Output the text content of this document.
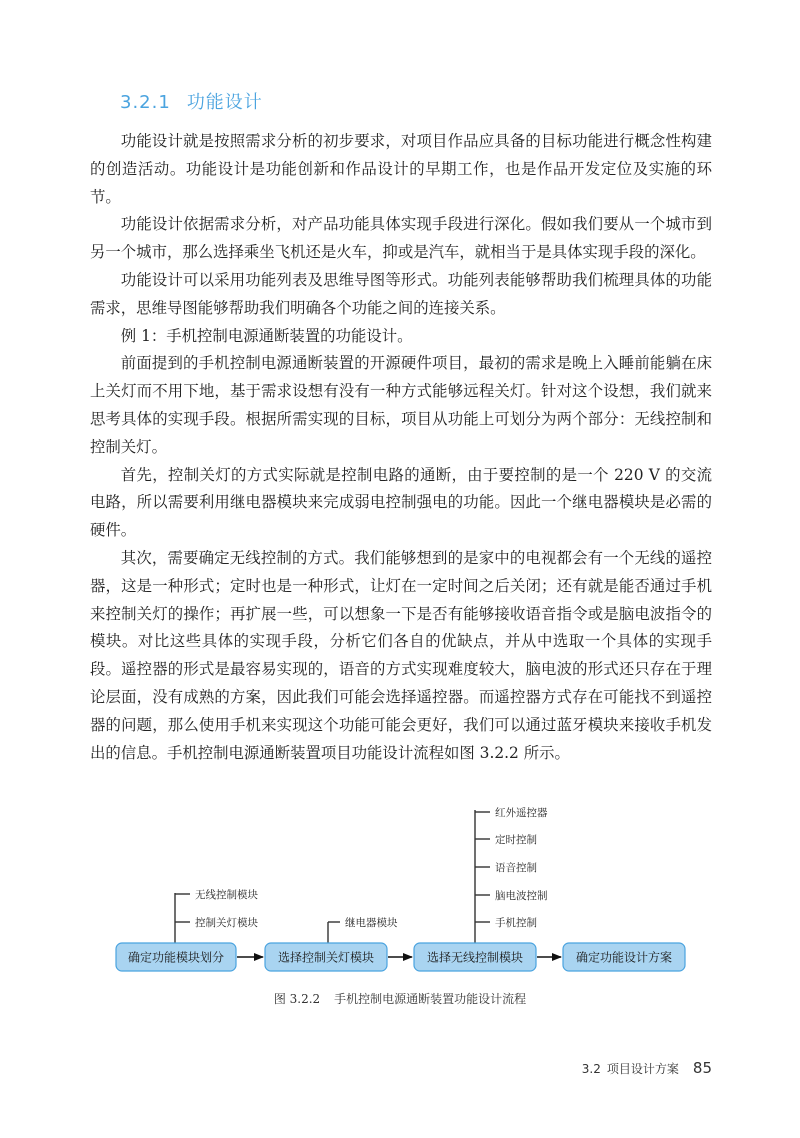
3.2.1 功能设计

功能设计就是按照需求分析的初步要求，对项目作品应具备的目标功能进行概念性构建的创造活动。功能设计是功能创新和作品设计的早期工作，也是作品开发定位及实施的环节。

功能设计依据需求分析，对产品功能具体实现手段进行深化。假如我们要从一个城市到另一个城市，那么选择乘坐飞机还是火车，抑或是汽车，就相当于是具体实现手段的深化。

功能设计可以采用功能列表及思维导图等形式。功能列表能够帮助我们梳理具体的功能需求，思维导图能够帮助我们明确各个功能之间的连接关系。

例 1：手机控制电源通断装置的功能设计。

前面提到的手机控制电源通断装置的开源硬件项目，最初的需求是晚上入睡前能躺在床上关灯而不用下地，基于需求设想有没有一种方式能够远程关灯。针对这个设想，我们就来思考具体的实现手段。根据所需实现的目标，项目从功能上可划分为两个部分：无线控制和控制关灯。

首先，控制关灯的方式实际就是控制电路的通断，由于要控制的是一个 220 V 的交流电路，所以需要利用继电器模块来完成弱电控制强电的功能。因此一个继电器模块是必需的硬件。

其次，需要确定无线控制的方式。我们能够想到的是家中的电视都会有一个无线的遥控器，这是一种形式；定时也是一种形式，让灯在一定时间之后关闭；还有就是能否通过手机来控制关灯的操作；再扩展一些，可以想象一下是否有能够接收语音指令或是脑电波指令的模块。对比这些具体的实现手段，分析它们各自的优缺点，并从中选取一个具体的实现手段。遥控器的形式是最容易实现的，语音的方式实现难度较大，脑电波的形式还只存在于理论层面，没有成熟的方案，因此我们可能会选择遥控器。而遥控器方式存在可能找不到遥控器的问题，那么使用手机来实现这个功能可能会更好，我们可以通过蓝牙模块来接收手机发出的信息。手机控制电源通断装置项目功能设计流程如图 3.2.2 所示。

无线控制模块
控制关灯模块	继电器模块
红外遥控器
定时控制
语音控制
脑电波控制
手机控制
确定功能模块划分	选择控制关灯模块	选择无线控制模块	确定功能设计方案
图 3.2.2 手机控制电源通断装置功能设计流程
3.2 项目设计方案 85
